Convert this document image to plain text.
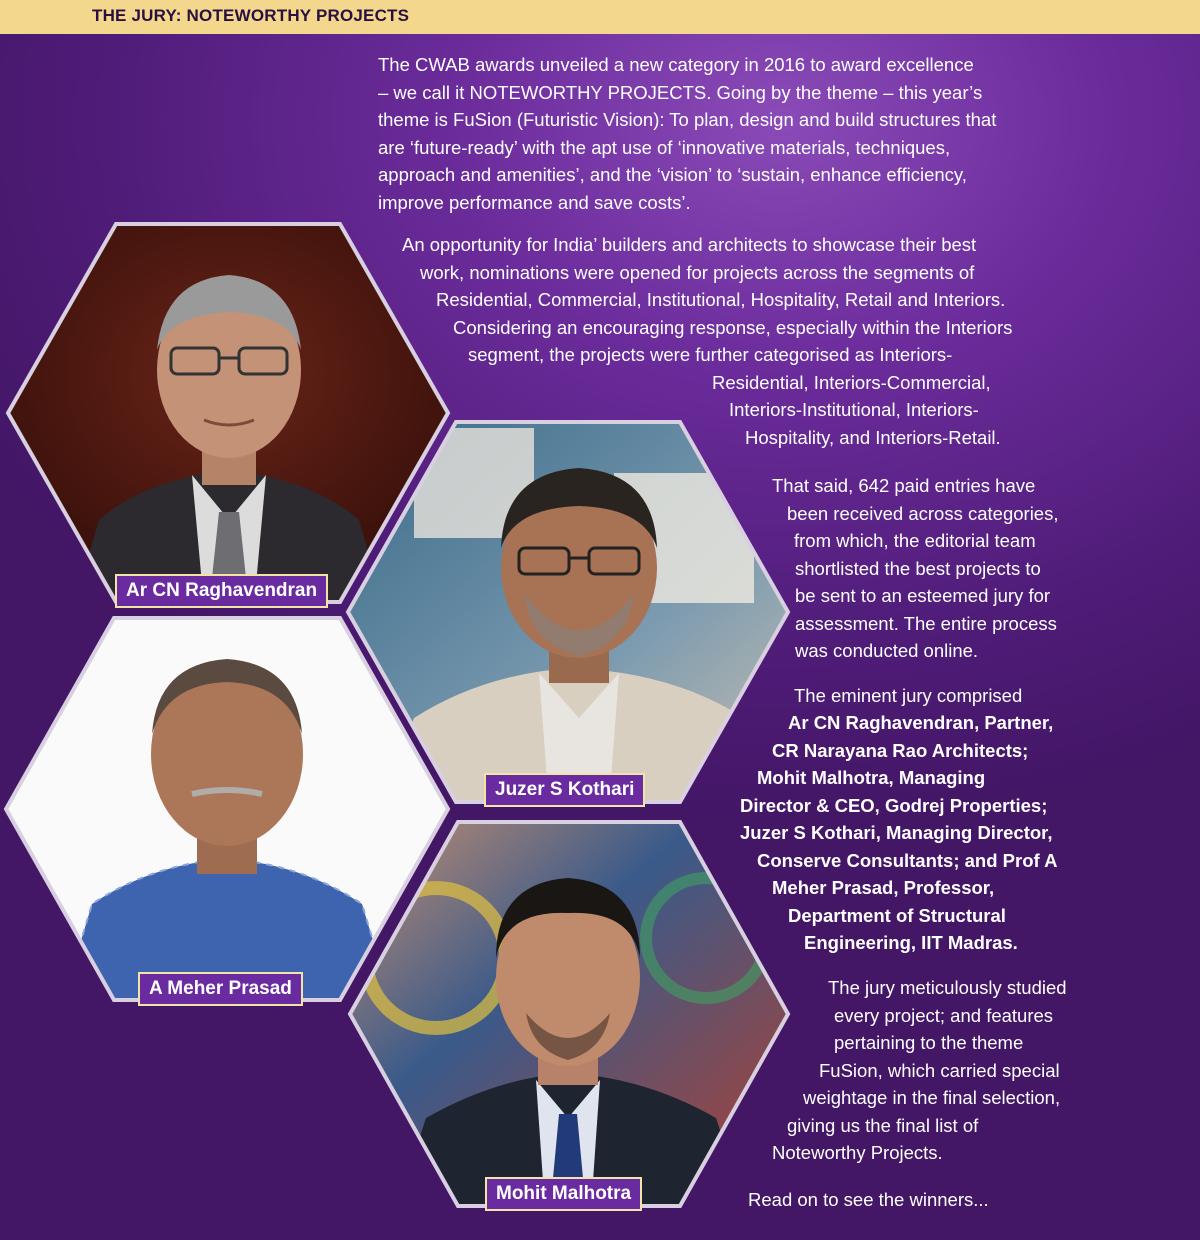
THE JURY: NOTEWORTHY PROJECTS
The CWAB awards unveiled a new category in 2016 to award excellence
– we call it NOTEWORTHY PROJECTS. Going by the theme – this year’s
theme is FuSion (Futuristic Vision): To plan, design and build structures that
are ‘future-ready’ with the apt use of ‘innovative materials, techniques,
approach and amenities’, and the ‘vision’ to ‘sustain, enhance efficiency,
improve performance and save costs’.
An opportunity for India’ builders and architects to showcase their best
work, nominations were opened for projects across the segments of
Residential, Commercial, Institutional, Hospitality, Retail and Interiors.
Considering an encouraging response, especially within the Interiors
segment, the projects were further categorised as Interiors-
Residential, Interiors-Commercial,
Interiors-Institutional, Interiors-
Hospitality, and Interiors-Retail.
That said, 642 paid entries have
been received across categories,
from which, the editorial team
shortlisted the best projects to
be sent to an esteemed jury for
assessment. The entire process
was conducted online.
The eminent jury comprised
Ar CN Raghavendran, Partner,
CR Narayana Rao Architects;
Mohit Malhotra, Managing
Director & CEO, Godrej Properties;
Juzer S Kothari, Managing Director,
Conserve Consultants; and Prof A
Meher Prasad, Professor,
Department of Structural
Engineering, IIT Madras.
The jury meticulously studied
every project; and features
pertaining to the theme
FuSion, which carried special
weightage in the final selection,
giving us the final list of
Noteworthy Projects.
Read on to see the winners...
Ar CN Raghavendran
Juzer S Kothari
A Meher Prasad
Mohit Malhotra
